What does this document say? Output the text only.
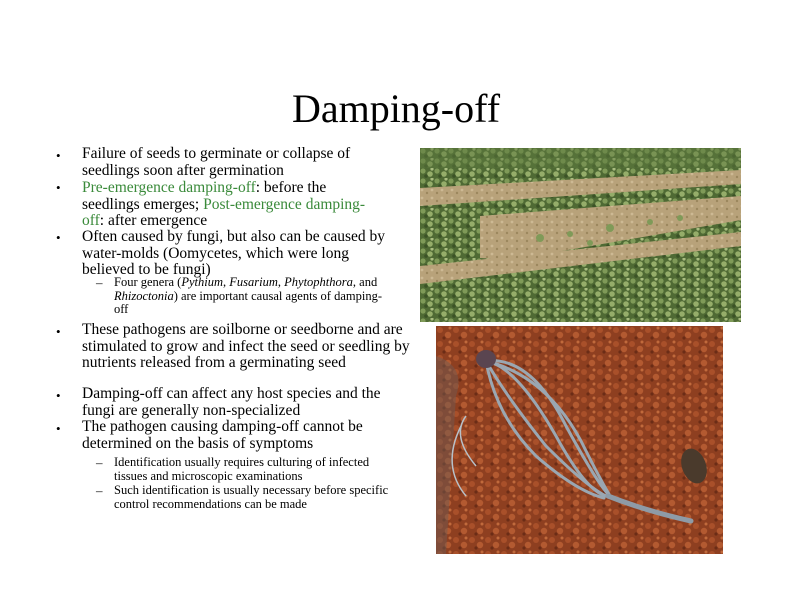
Damping-off
• Failure of seeds to germinate or collapse of seedlings soon after germination
• Pre-emergence damping-off: before the seedlings emerges; Post-emergence damping-off: after emergence
• Often caused by fungi, but also can be caused by water-molds (Oomycetes, which were long believed to be fungi)
– Four genera (Pythium, Fusarium, Phytophthora, and Rhizoctonia) are important causal agents of damping-off
• These pathogens are soilborne or seedborne and are stimulated to grow and infect the seed or seedling by nutrients released from a germinating seed
• Damping-off can affect any host species and the fungi are generally non-specialized
• The pathogen causing damping-off cannot be determined on the basis of symptoms
– Identification usually requires culturing of infected tissues and microscopic examinations
– Such identification is usually necessary before specific control recommendations can be made
